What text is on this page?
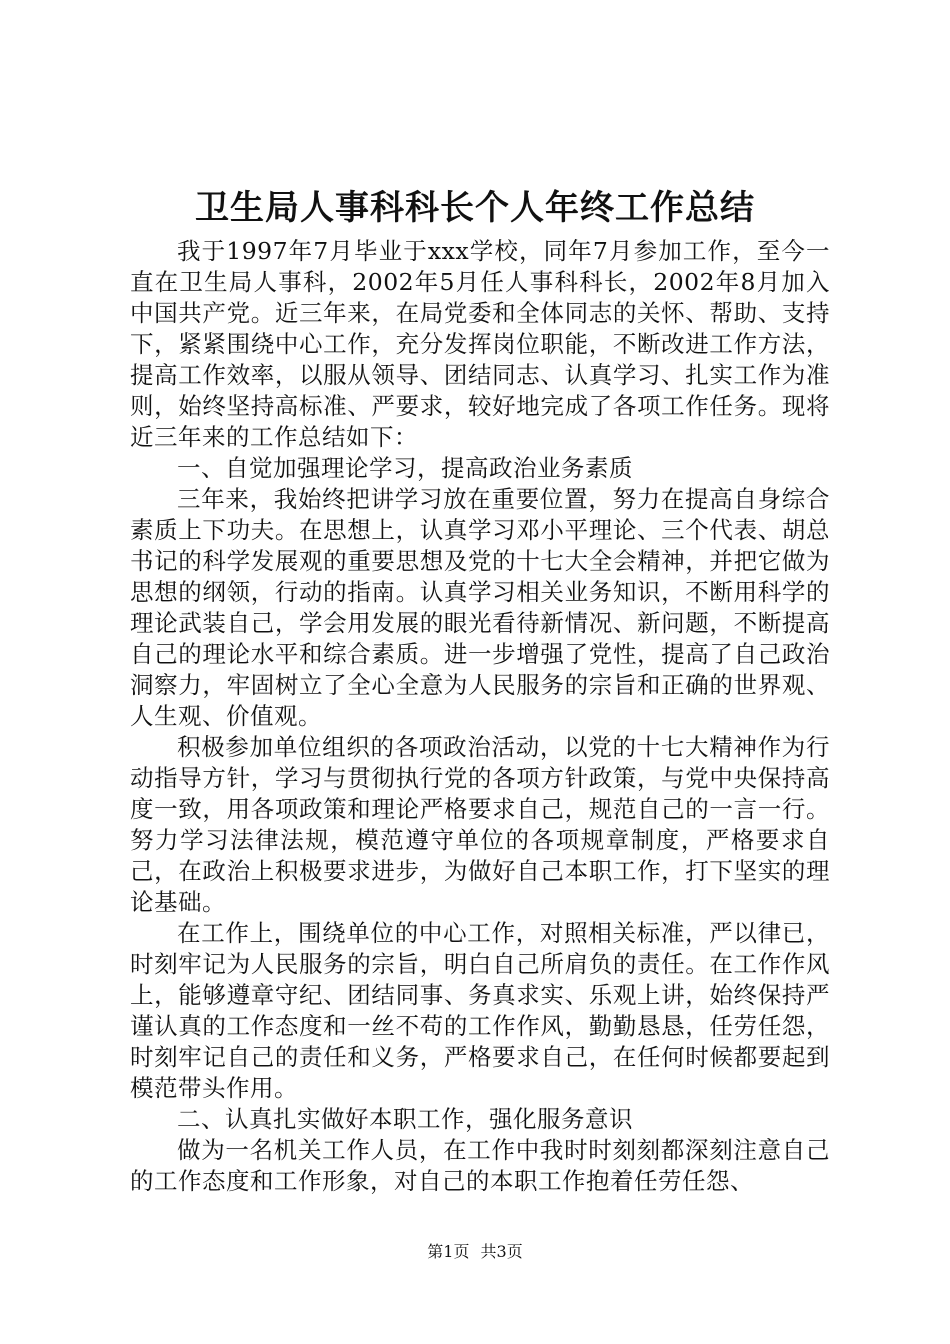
卫生局人事科科长个人年终工作总结

我于1997年7月毕业于xxx学校，同年7月参加工作，至今一直在卫生局人事科，2002年5月任人事科科长，2002年8月加入中国共产党。近三年来，在局党委和全体同志的关怀、帮助、支持下，紧紧围绕中心工作，充分发挥岗位职能，不断改进工作方法，提高工作效率，以服从领导、团结同志、认真学习、扎实工作为准则，始终坚持高标准、严要求，较好地完成了各项工作任务。现将近三年来的工作总结如下：

一、自觉加强理论学习，提高政治业务素质

三年来，我始终把讲学习放在重要位置，努力在提高自身综合素质上下功夫。在思想上，认真学习邓小平理论、三个代表、胡总书记的科学发展观的重要思想及党的十七大全会精神，并把它做为思想的纲领，行动的指南。认真学习相关业务知识，不断用科学的理论武装自己，学会用发展的眼光看待新情况、新问题，不断提高自己的理论水平和综合素质。进一步增强了党性，提高了自己政治洞察力，牢固树立了全心全意为人民服务的宗旨和正确的世界观、人生观、价值观。

积极参加单位组织的各项政治活动，以党的十七大精神作为行动指导方针，学习与贯彻执行党的各项方针政策，与党中央保持高度一致，用各项政策和理论严格要求自己，规范自己的一言一行。努力学习法律法规，模范遵守单位的各项规章制度，严格要求自己，在政治上积极要求进步，为做好自己本职工作，打下坚实的理论基础。

在工作上，围绕单位的中心工作，对照相关标准，严以律已，时刻牢记为人民服务的宗旨，明白自己所肩负的责任。在工作作风上，能够遵章守纪、团结同事、务真求实、乐观上讲，始终保持严谨认真的工作态度和一丝不苟的工作作风，勤勤恳恳，任劳任怨，时刻牢记自己的责任和义务，严格要求自己，在任何时候都要起到模范带头作用。

二、认真扎实做好本职工作，强化服务意识

做为一名机关工作人员，在工作中我时时刻刻都深刻注意自己的工作态度和工作形象，对自己的本职工作抱着任劳任怨、

第1页 共3页
